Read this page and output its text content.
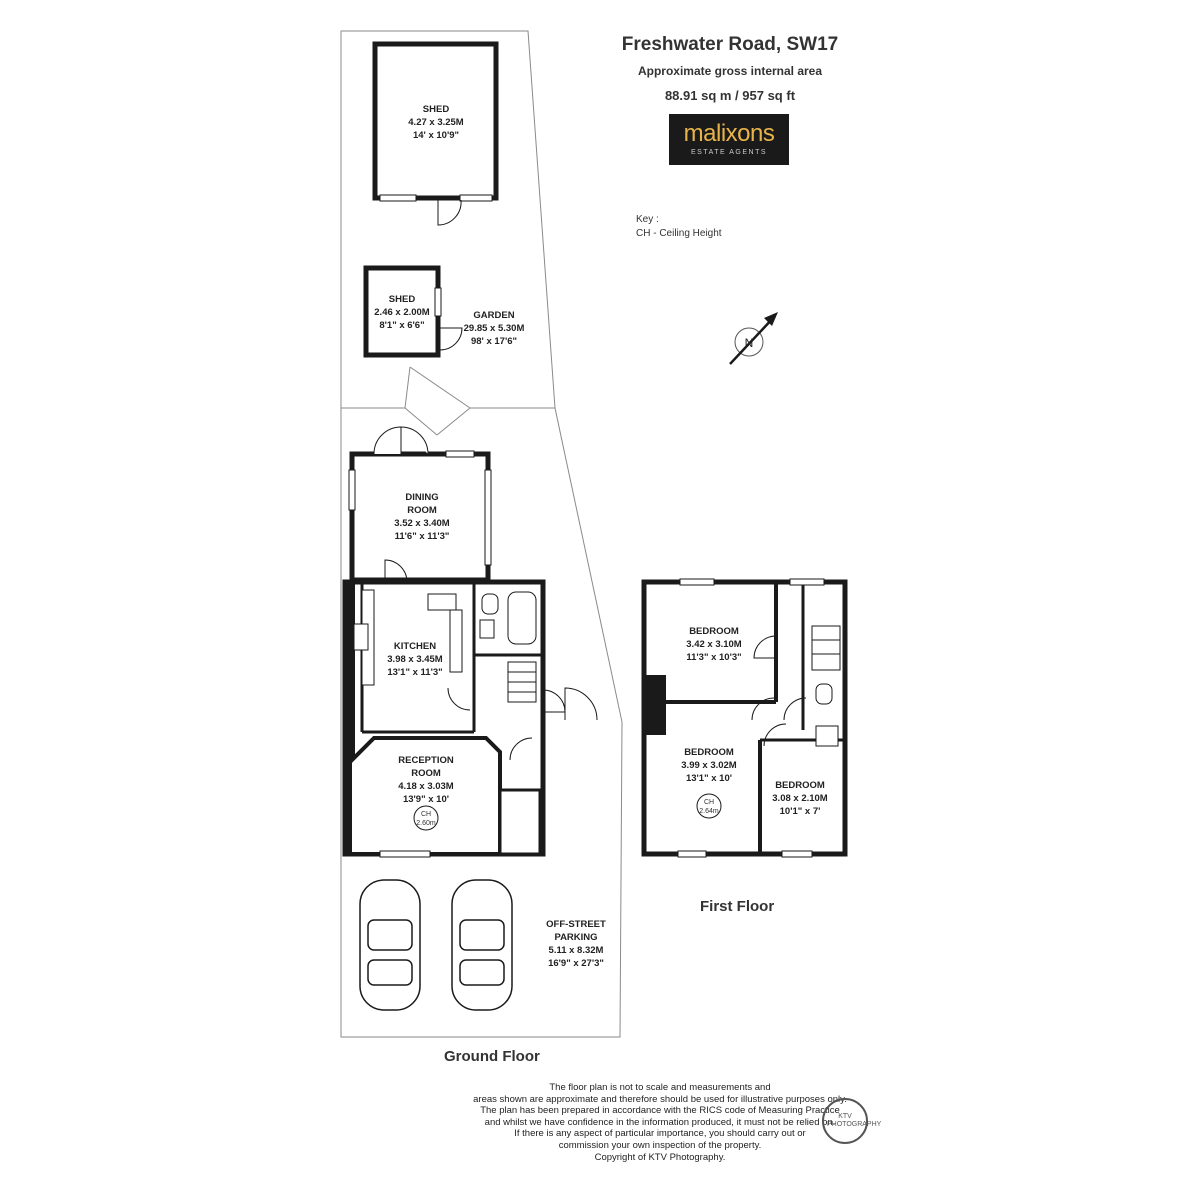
N
SHED
4.27 x 3.25M
14' x 10'9"
SHED
2.46 x 2.00M
8'1" x 6'6"
GARDEN
29.85 x 5.30M
98' x 17'6"
DINING
ROOM
3.52 x 3.40M
11'6" x 11'3"
KITCHEN
3.98 x 3.45M
13'1" x 11'3"
RECEPTION
ROOM
4.18 x 3.03M
13'9" x 10'
OFF-STREET
PARKING
5.11 x 8.32M
16'9" x 27'3"
BEDROOM
3.42 x 3.10M
11'3" x 10'3"
BEDROOM
3.99 x 3.02M
13'1" x 10'
BEDROOM
3.08 x 2.10M
10'1" x 7'
CH
2.60m
CH
2.64m
Freshwater Road, SW17
Approximate gross internal area
88.91 sq m / 957 sq ft
malixons
ESTATE AGENTS
Key :
CH - Ceiling Height
Ground Floor
First Floor
The floor plan is not to scale and measurements and
areas shown are approximate and therefore should be used for illustrative purposes only.
The plan has been prepared in accordance with the RICS code of Measuring Practice
and whilst we have confidence in the information produced, it must not be relied on.
If there is any aspect of particular importance, you should carry out or
commission your own inspection of the property.
Copyright of KTV Photography.
KTV PHOTOGRAPHY
